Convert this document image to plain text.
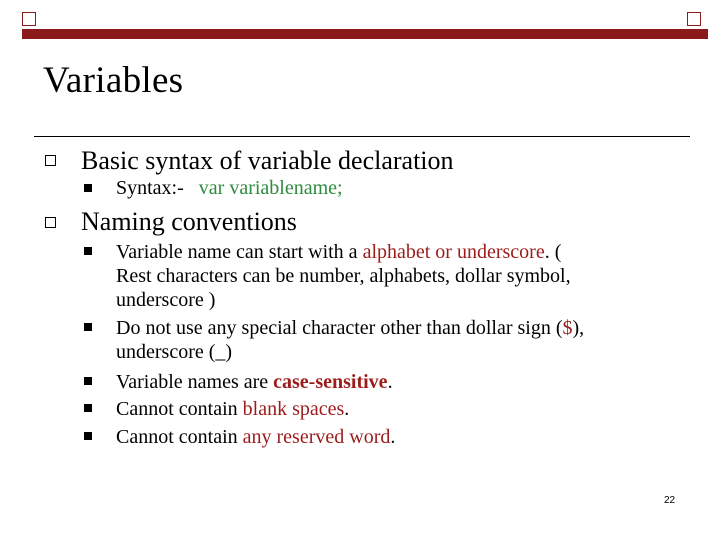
Variables
Basic syntax of variable declaration
Syntax:-   var variablename;
Naming conventions
Variable name can start with a alphabet or underscore. (
Rest characters can be number, alphabets, dollar symbol,
underscore )
Do not use any special character other than dollar sign ($),
underscore (_)
Variable names are case-sensitive.
Cannot contain blank spaces.
Cannot contain any reserved word.
22
